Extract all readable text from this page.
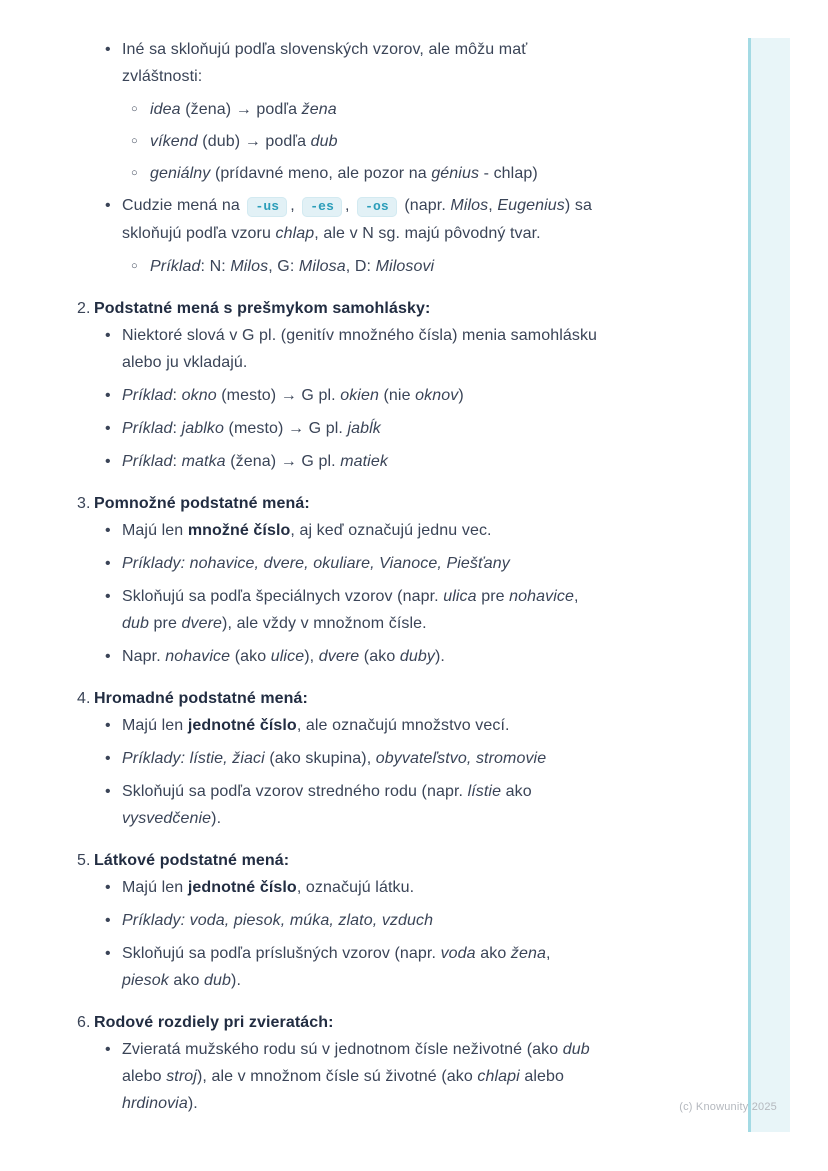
• Iné sa skloňujú podľa slovenských vzorov, ale môžu mať
zvláštnosti:
○ idea (žena) → podľa žena
○ víkend (dub) → podľa dub
○ geniálny (prídavné meno, ale pozor na génius - chlap)
• Cudzie mená na -us , -es , -os (napr. Milos, Eugenius) sa
skloňujú podľa vzoru chlap, ale v N sg. majú pôvodný tvar.
○ Príklad: N: Milos, G: Milosa, D: Milosovi
2. Podstatné mená s prešmykom samohlásky:
• Niektoré slová v G pl. (genitív množného čísla) menia samohlásku
alebo ju vkladajú.
• Príklad: okno (mesto) → G pl. okien (nie oknov)
• Príklad: jablko (mesto) → G pl. jabĺk
• Príklad: matka (žena) → G pl. matiek
3. Pomnožné podstatné mená:
• Majú len množné číslo, aj keď označujú jednu vec.
• Príklady: nohavice, dvere, okuliare, Vianoce, Piešťany
• Skloňujú sa podľa špeciálnych vzorov (napr. ulica pre nohavice,
dub pre dvere), ale vždy v množnom čísle.
• Napr. nohavice (ako ulice), dvere (ako duby).
4. Hromadné podstatné mená:
• Majú len jednotné číslo, ale označujú množstvo vecí.
• Príklady: lístie, žiaci (ako skupina), obyvateľstvo, stromovie
• Skloňujú sa podľa vzorov stredného rodu (napr. lístie ako
vysvedčenie).
5. Látkové podstatné mená:
• Majú len jednotné číslo, označujú látku.
• Príklady: voda, piesok, múka, zlato, vzduch
• Skloňujú sa podľa príslušných vzorov (napr. voda ako žena,
piesok ako dub).
6. Rodové rozdiely pri zvieratách:
• Zvieratá mužského rodu sú v jednotnom čísle neživotné (ako dub
alebo stroj), ale v množnom čísle sú životné (ako chlapi alebo
hrdinovia).	(c) Knowunity 2025
